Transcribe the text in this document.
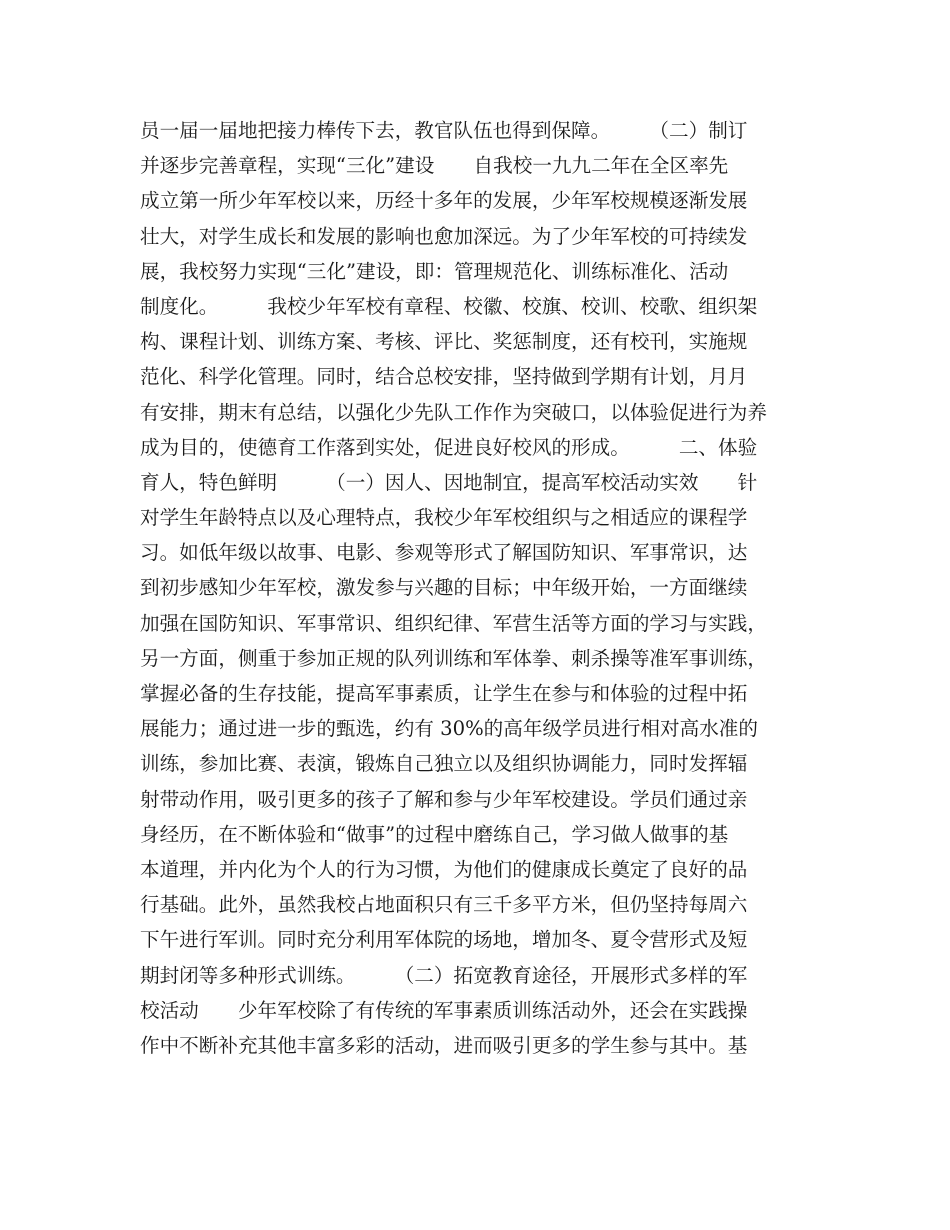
员一届一届地把接力棒传下去，教官队伍也得到保障。　　　（二）制订
并逐步完善章程，实现“三化”建设　　自我校一九九二年在全区率先
成立第一所少年军校以来，历经十多年的发展，少年军校规模逐渐发展
壮大，对学生成长和发展的影响也愈加深远。为了少年军校的可持续发
展，我校努力实现“三化”建设，即：管理规范化、训练标准化、活动
制度化。　　　我校少年军校有章程、校徽、校旗、校训、校歌、组织架
构、课程计划、训练方案、考核、评比、奖惩制度，还有校刊，实施规
范化、科学化管理。同时，结合总校安排，坚持做到学期有计划，月月
有安排，期末有总结，以强化少先队工作作为突破口，以体验促进行为养
成为目的，使德育工作落到实处，促进良好校风的形成。　　　二、体验
育人，特色鲜明　　　（一）因人、因地制宜，提高军校活动实效　　针
对学生年龄特点以及心理特点，我校少年军校组织与之相适应的课程学
习。如低年级以故事、电影、参观等形式了解国防知识、军事常识，达
到初步感知少年军校，激发参与兴趣的目标；中年级开始，一方面继续
加强在国防知识、军事常识、组织纪律、军营生活等方面的学习与实践，
另一方面，侧重于参加正规的队列训练和军体拳、刺杀操等准军事训练，
掌握必备的生存技能，提高军事素质，让学生在参与和体验的过程中拓
展能力；通过进一步的甄选，约有 30%的高年级学员进行相对高水准的
训练，参加比赛、表演，锻炼自己独立以及组织协调能力，同时发挥辐
射带动作用，吸引更多的孩子了解和参与少年军校建设。学员们通过亲
身经历，在不断体验和“做事”的过程中磨练自己，学习做人做事的基
本道理，并内化为个人的行为习惯，为他们的健康成长奠定了良好的品
行基础。此外，虽然我校占地面积只有三千多平方米，但仍坚持每周六
下午进行军训。同时充分利用军体院的场地，增加冬、夏令营形式及短
期封闭等多种形式训练。　　　（二）拓宽教育途径，开展形式多样的军
校活动　　少年军校除了有传统的军事素质训练活动外，还会在实践操
作中不断补充其他丰富多彩的活动，进而吸引更多的学生参与其中。基
